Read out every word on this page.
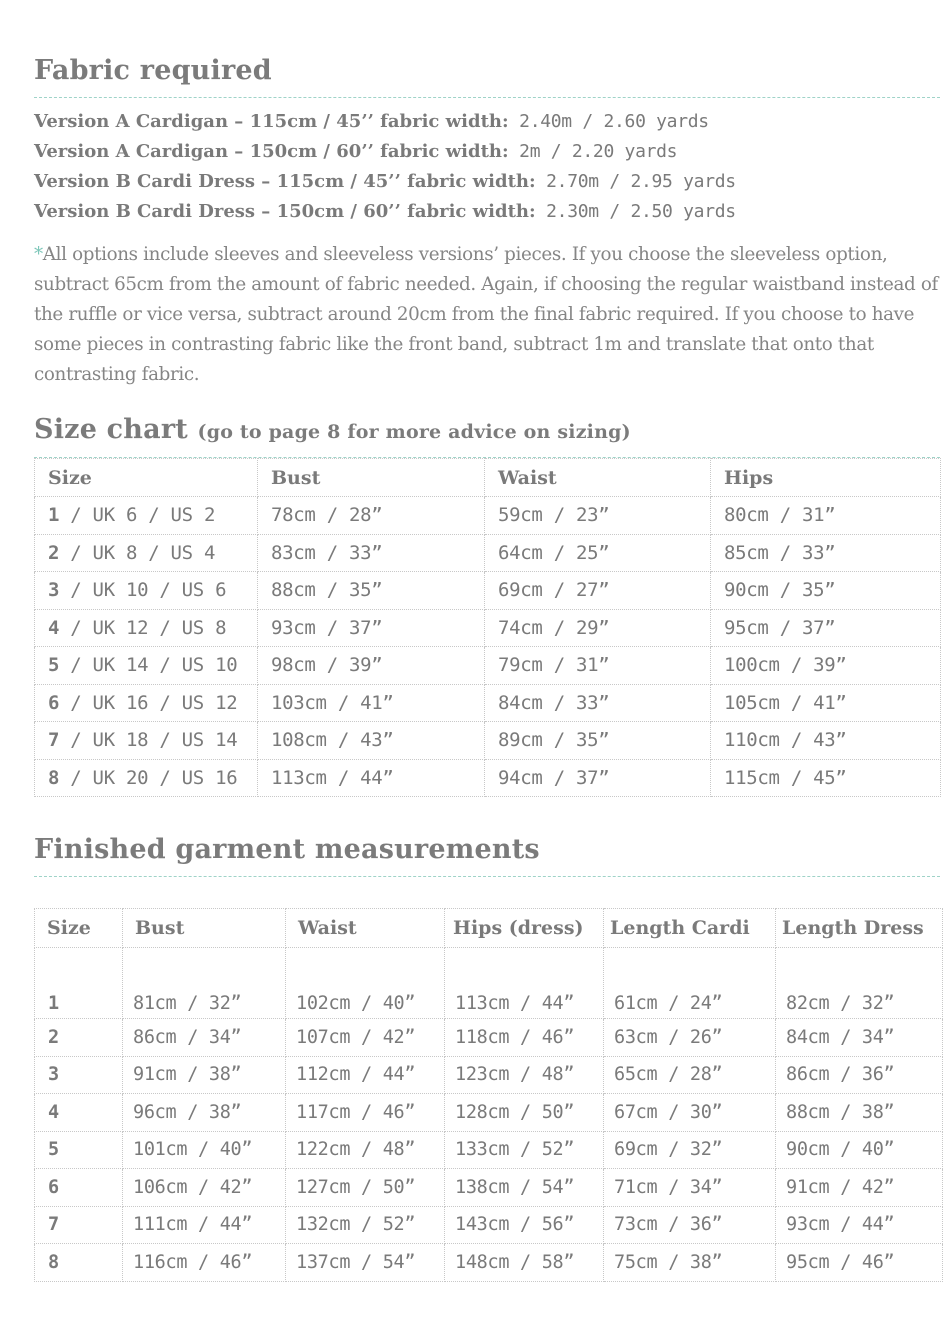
Fabric required
Version A Cardigan – 115cm / 45’’ fabric width: 2.40m / 2.60 yards
Version A Cardigan – 150cm / 60’’ fabric width: 2m / 2.20 yards
Version B Cardi Dress – 115cm / 45’’ fabric width: 2.70m / 2.95 yards
Version B Cardi Dress – 150cm / 60’’ fabric width: 2.30m / 2.50 yards
*All options include sleeves and sleeveless versions’ pieces. If you choose the sleeveless option, subtract 65cm from the amount of fabric needed. Again, if choosing the regular waistband instead of the ruffle or vice versa, subtract around 20cm from the final fabric required. If you choose to have some pieces in contrasting fabric like the front band, subtract 1m and translate that onto that contrasting fabric.
Size chart (go to page 8 for more advice on sizing)
Size	Bust	Waist	Hips
1 / UK 6 / US 2	78cm / 28”	59cm / 23”	80cm / 31”
2 / UK 8 / US 4	83cm / 33”	64cm / 25”	85cm / 33”
3 / UK 10 / US 6	88cm / 35”	69cm / 27”	90cm / 35”
4 / UK 12 / US 8	93cm / 37”	74cm / 29”	95cm / 37”
5 / UK 14 / US 10	98cm / 39”	79cm / 31”	100cm / 39”
6 / UK 16 / US 12	103cm / 41”	84cm / 33”	105cm / 41”
7 / UK 18 / US 14	108cm / 43”	89cm / 35”	110cm / 43”
8 / UK 20 / US 16	113cm / 44”	94cm / 37”	115cm / 45”
Finished garment measurements
Size	Bust	Waist	Hips (dress)	Length Cardi	Length Dress
1	81cm / 32”	102cm / 40”	113cm / 44”	61cm / 24”	82cm / 32”
2	86cm / 34”	107cm / 42”	118cm / 46”	63cm / 26”	84cm / 34”
3	91cm / 38”	112cm / 44”	123cm / 48”	65cm / 28”	86cm / 36”
4	96cm / 38”	117cm / 46”	128cm / 50”	67cm / 30”	88cm / 38”
5	101cm / 40”	122cm / 48”	133cm / 52”	69cm / 32”	90cm / 40”
6	106cm / 42”	127cm / 50”	138cm / 54”	71cm / 34”	91cm / 42”
7	111cm / 44”	132cm / 52”	143cm / 56”	73cm / 36”	93cm / 44”
8	116cm / 46”	137cm / 54”	148cm / 58”	75cm / 38”	95cm / 46”
